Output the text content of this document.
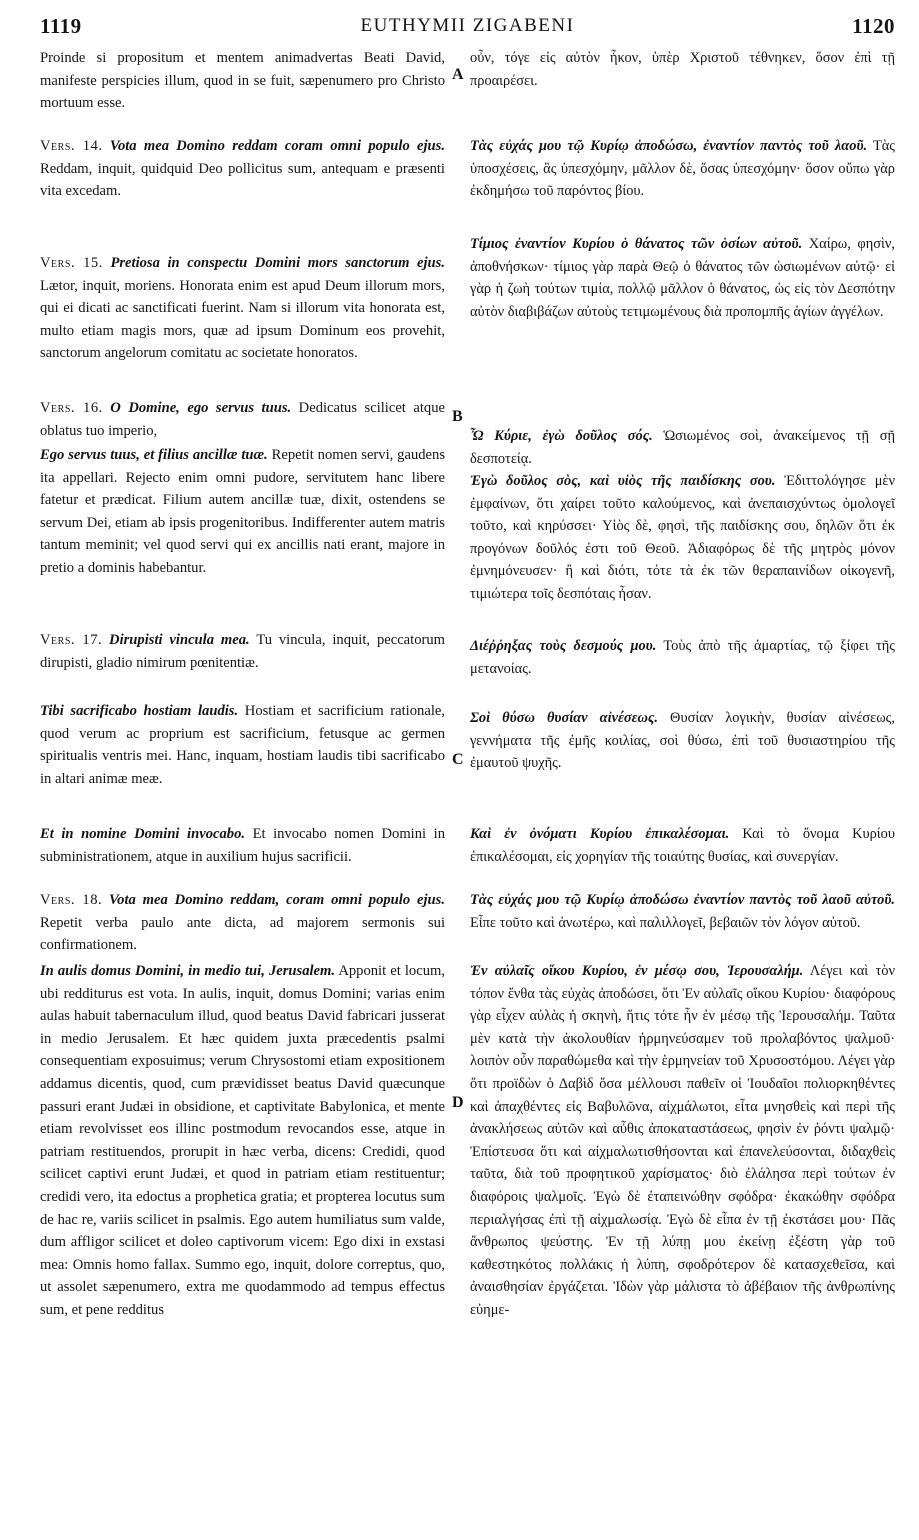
1119	EUTHYMII ZIGABENI	1120

Proinde si propositum et mentem animadvertas Beati David, manifeste perspicies illum, quod in se fuit, sæpenumero pro Christo mortuum esse.

Vers. 14. Vota mea Domino reddam coram omni populo ejus. Reddam, inquit, quidquid Deo pollicitus sum, antequam e præsenti vita excedam.

Vers. 15. Pretiosa in conspectu Domini mors sanctorum ejus. Lætor, inquit, moriens. Honorata enim est apud Deum illorum mors, qui ei dicati ac sanctificati fuerint. Nam si illorum vita honorata est, multo etiam magis mors, quæ ad ipsum Dominum eos provehit, sanctorum angelorum comitatu ac societate honoratos.

Vers. 16. O Domine, ego servus tuus. Dedicatus scilicet atque oblatus tuo imperio,

Ego servus tuus, et filius ancillæ tuæ. Repetit nomen servi, gaudens ita appellari. Rejecto enim omni pudore, servitutem hanc libere fatetur et prædicat. Filium autem ancillæ tuæ, dixit, ostendens se servum Dei, etiam ab ipsis progenitoribus. Indifferenter autem matris tantum meminit; vel quod servi qui ex ancillis nati erant, majore in pretio a dominis habebantur.

Vers. 17. Dirupisti vincula mea. Tu vincula, inquit, peccatorum dirupisti, gladio nimirum pœnitentiæ.

Tibi sacrificabo hostiam laudis. Hostiam et sacrificium rationale, quod verum ac proprium est sacrificium, fetusque ac germen spiritualis ventris mei. Hanc, inquam, hostiam laudis tibi sacrificabo in altari animæ meæ.

Et in nomine Domini invocabo. Et invocabo nomen Domini in subministrationem, atque in auxilium hujus sacrificii.

Vers. 18. Vota mea Domino reddam, coram omni populo ejus. Repetit verba paulo ante dicta, ad majorem sermonis sui confirmationem.

In aulis domus Domini, in medio tui, Jerusalem. Apponit et locum, ubi redditurus est vota. In aulis, inquit, domus Domini; varias enim aulas habuit tabernaculum illud, quod beatus David fabricari jusserat in medio Jerusalem. Et hæc quidem juxta præcedentis psalmi consequentiam exposuimus; verum Chrysostomi etiam expositionem addamus dicentis, quod, cum prævidisset beatus David quæcunque passuri erant Judæi in obsidione, et captivitate Babylonica, et mente etiam revolvisset eos illinc postmodum revocandos esse, atque in patriam restituendos, prorupit in hæc verba, dicens: Credidi, quod scilicet captivi erunt Judæi, et quod in patriam etiam restituentur; credidi vero, ita edoctus a prophetica gratia; et propterea locutus sum de hac re, variis scilicet in psalmis. Ego autem humiliatus sum valde, dum affligor scilicet et doleo captivorum vicem: Ego dixi in exstasi mea: Omnis homo fallax. Summo ego, inquit, dolore correptus, quo, ut assolet sæpenumero, extra me quodammodo ad tempus effectus sum, et pene redditus

A
B
C
D

οὖν, τόγε εἰς αὐτὸν ἧκον, ὑπὲρ Χριστοῦ τέθνηκεν, ὅσον ἐπὶ τῇ προαιρέσει.

Τὰς εὐχάς μου τῷ Κυρίῳ ἀποδώσω, ἐναντίον παντὸς τοῦ λαοῦ. Τὰς ὑποσχέσεις, ἃς ὑπεσχόμην, μᾶλλον δὲ, ὅσας ὑπεσχόμην· ὅσον οὔπω γὰρ ἐκδημήσω τοῦ παρόντος βίου.

Τίμιος ἐναντίον Κυρίου ὁ θάνατος τῶν ὁσίων αὐτοῦ. Χαίρω, φησὶν, ἀποθνήσκων· τίμιος γὰρ παρὰ Θεῷ ὁ θάνατος τῶν ὡσιωμένων αὐτῷ· εἰ γὰρ ἡ ζωὴ τούτων τιμία, πολλῷ μᾶλλον ὁ θάνατος, ὡς εἰς τὸν Δεσπότην αὐτὸν διαβιβάζων αὐτοὺς τετιμωμένους διὰ προπομπῆς ἁγίων ἀγγέλων.

Ὦ Κύριε, ἐγὼ δοῦλος σός. Ὡσιωμένος σοὶ, ἀνακείμενος τῇ σῇ δεσποτείᾳ.

Ἐγὼ δοῦλος σὸς, καὶ υἱὸς τῆς παιδίσκης σου. Ἐδιττολόγησε μὲν ἐμφαίνων, ὅτι χαίρει τοῦτο καλούμενος, καὶ ἀνεπαισχύντως ὁμολογεῖ τοῦτο, καὶ κηρύσσει· Υἱὸς δὲ, φησὶ, τῆς παιδίσκης σου, δηλῶν ὅτι ἐκ προγόνων δοῦλός ἐστι τοῦ Θεοῦ. Ἀδιαφόρως δὲ τῆς μητρὸς μόνον ἐμνημόνευσεν· ἢ καὶ διότι, τότε τὰ ἐκ τῶν θεραπαινίδων οἰκογενῆ, τιμιώτερα τοῖς δεσπόταις ἦσαν.

Διέῤῥηξας τοὺς δεσμούς μου. Τοὺς ἀπὸ τῆς ἁμαρτίας, τῷ ξίφει τῆς μετανοίας.

Σοὶ θύσω θυσίαν αἰνέσεως. Θυσίαν λογικὴν, θυσίαν αἰνέσεως, γεννήματα τῆς ἐμῆς κοιλίας, σοὶ θύσω, ἐπὶ τοῦ θυσιαστηρίου τῆς ἐμαυτοῦ ψυχῆς.

Καὶ ἐν ὀνόματι Κυρίου ἐπικαλέσομαι. Καὶ τὸ ὄνομα Κυρίου ἐπικαλέσομαι, εἰς χορηγίαν τῆς τοιαύτης θυσίας, καὶ συνεργίαν.

Τὰς εὐχάς μου τῷ Κυρίῳ ἀποδώσω ἐναντίον παντὸς τοῦ λαοῦ αὐτοῦ. Εἶπε τοῦτο καὶ ἀνωτέρω, καὶ παλιλλογεῖ, βεβαιῶν τὸν λόγον αὐτοῦ.

Ἐν αὐλαῖς οἴκου Κυρίου, ἐν μέσῳ σου, Ἱερουσαλήμ. Λέγει καὶ τὸν τόπον ἔνθα τὰς εὐχὰς ἀποδώσει, ὅτι Ἐν αὐλαῖς οἴκου Κυρίου· διαφόρους γὰρ εἶχεν αὐλὰς ἡ σκηνὴ, ἥτις τότε ἦν ἐν μέσῳ τῆς Ἱερουσαλήμ. Ταῦτα μὲν κατὰ τὴν ἀκολουθίαν ἡρμηνεύσαμεν τοῦ προλαβόντος ψαλμοῦ· λοιπὸν οὖν παραθώμεθα καὶ τὴν ἑρμηνείαν τοῦ Χρυσοστόμου. Λέγει γὰρ ὅτι προϊδὼν ὁ Δαβὶδ ὅσα μέλλουσι παθεῖν οἱ Ἰουδαῖοι πολιορκηθέντες καὶ ἀπαχθέντες εἰς Βαβυλῶνα, αἰχμάλωτοι, εἶτα μνησθεὶς καὶ περὶ τῆς ἀνακλήσεως αὐτῶν καὶ αὖθις ἀποκαταστάσεως, φησὶν ἐν ῥόντι ψαλμῷ· Ἐπίστευσα ὅτι καὶ αἰχμαλωτισθήσονται καὶ ἐπανελεύσονται, διδαχθεὶς ταῦτα, διὰ τοῦ προφητικοῦ χαρίσματος· διὸ ἐλάλησα περὶ τούτων ἐν διαφόροις ψαλμοῖς. Ἐγὼ δὲ ἐταπεινώθην σφόδρα· ἐκακώθην σφόδρα περιαλγήσας ἐπὶ τῇ αἰχμαλωσίᾳ. Ἐγὼ δὲ εἶπα ἐν τῇ ἐκστάσει μου· Πᾶς ἄνθρωπος ψεύστης. Ἐν τῇ λύπῃ μου ἐκείνῃ ἐξέστη γὰρ τοῦ καθεστηκότος πολλάκις ἡ λύπη, σφοδρότερον δὲ κατασχεθεῖσα, καὶ ἀναισθησίαν ἐργάζεται. Ἰδὼν γὰρ μάλιστα τὸ ἀβέβαιον τῆς ἀνθρωπίνης εὐημε-
